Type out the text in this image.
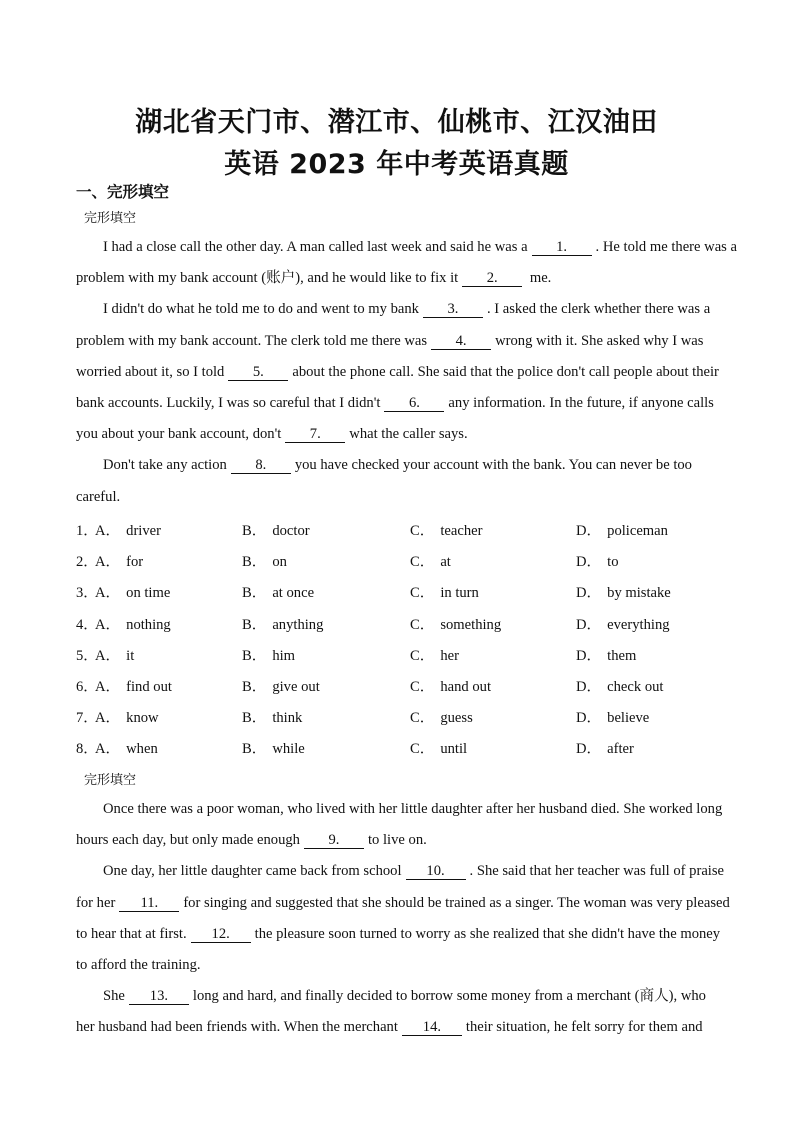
湖北省天门市、潜江市、仙桃市、江汉油田
英语 2023 年中考英语真题
一、完形填空
完形填空
I had a close call the other day. A man called last week and said he was a 1. . He told me there was a
problem with my bank account (账户), and he would like to fix it 2. me.
I didn't do what he told me to do and went to my bank 3. . I asked the clerk whether there was a
problem with my bank account. The clerk told me there was 4. wrong with it. She asked why I was
worried about it, so I told 5. about the phone call. She said that the police don't call people about their
bank accounts. Luckily, I was so careful that I didn't 6. any information. In the future, if anyone calls
you about your bank account, don't 7. what the caller says.
Don't take any action 8. you have checked your account with the bank. You can never be too
careful.
1．
A． driver	B． doctor	C． teacher	D． policeman
2．
A． for	B． on	C． at	D． to
3．
A． on time	B． at once	C． in turn	D． by mistake
4．
A． nothing	B． anything	C． something	D． everything
5．
A． it	B． him	C． her	D． them
6．
A． find out	B． give out	C． hand out	D． check out
7．
A． know	B． think	C． guess	D． believe
8．
A． when	B． while	C． until	D． after
完形填空
Once there was a poor woman, who lived with her little daughter after her husband died. She worked long
hours each day, but only made enough 9. to live on.
One day, her little daughter came back from school 10. . She said that her teacher was full of praise
for her 11. for singing and suggested that she should be trained as a singer. The woman was very pleased
to hear that at first. 12. the pleasure soon turned to worry as she realized that she didn't have the money
to afford the training.
She 13. long and hard, and finally decided to borrow some money from a merchant (商人), who
her husband had been friends with. When the merchant 14. their situation, he felt sorry for them and
